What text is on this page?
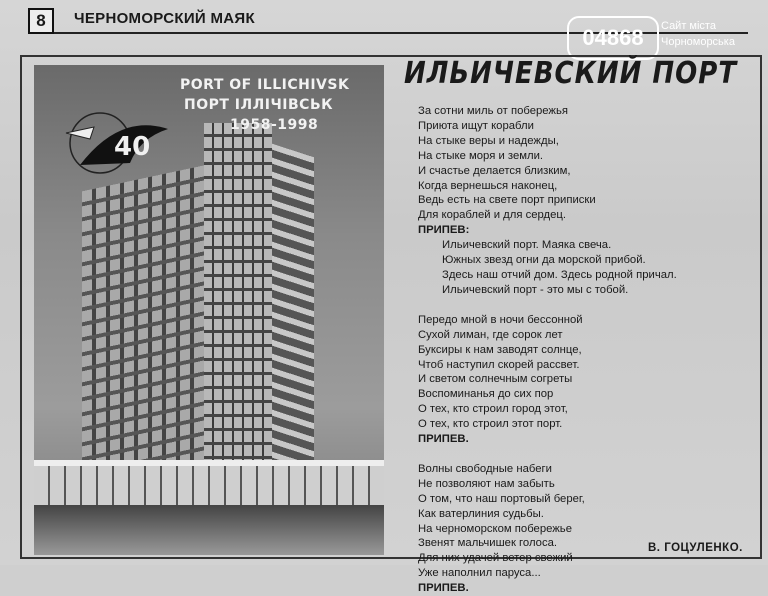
8	ЧЕРНОМОРСКИЙ МАЯК
04868	Сайт міста
Чорноморська
40
PORT OF ILLICHIVSK
ПОРТ ІЛЛІЧІВСЬК
1958-1998
ИЛЬИЧЕВСКИЙ ПОРТ
За сотни миль от побережья
Приюта ищут корабли
На стыке веры и надежды,
На стыке моря и земли.
И счастье делается близким,
Когда вернешься наконец,
Ведь есть на свете порт приписки
Для кораблей и для сердец.
ПРИПЕВ:
Ильичевский порт. Маяка свеча.
Южных звезд огни да морской прибой.
Здесь наш отчий дом. Здесь родной причал.
Ильичевский порт - это мы с тобой.
Передо мной в ночи бессонной
Сухой лиман, где сорок лет
Буксиры к нам заводят солнце,
Чтоб наступил скорей рассвет.
И светом солнечным согреты
Воспоминанья до сих пор
О тех, кто строил город этот,
О тех, кто строил этот порт.
ПРИПЕВ.
Волны свободные набеги
Не позволяют нам забыть
О том, что наш портовый берег,
Как ватерлиния судьбы.
На черноморском побережье
Звенят мальчишек голоса.
Для них удачей ветер свежий
Уже наполнил паруса...
ПРИПЕВ.
В. ГОЦУЛЕНКО.
